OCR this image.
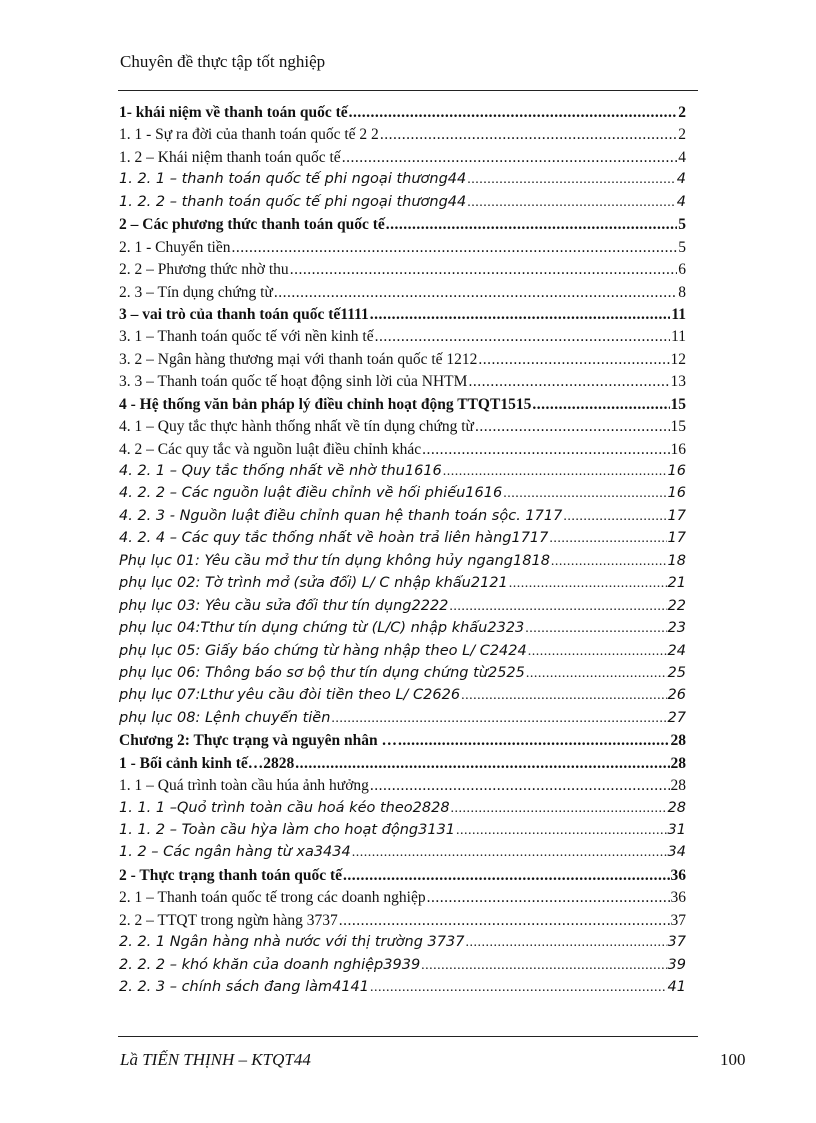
Chuyên đề thực tập tốt nghiệp
1- khái niệm về thanh toán quốc tế .....	2
1. 1 - Sự ra đời của thanh toán quốc tế 2 2 .....	2
1. 2 – Khái niệm thanh toán quốc tế .....	4
1. 2. 1 – thanh toán quốc tế phi ngoại thương44 .....	4
1. 2. 2 – thanh toán quốc tế phi ngoại thương44 .....	4
2 – Các phương thức thanh toán quốc tế .....	5
2. 1 - Chuyển tiền .....	5
2. 2 – Phương thức nhờ thu .....	6
2. 3 – Tín dụng chứng từ .....	8
3 – vai trò của thanh toán quốc tế1111 .....	11
3. 1 – Thanh toán quốc tế với nền kinh tế .....	11
3. 2 – Ngân hàng thương mại với thanh toán quốc tế 1212 .....	12
3. 3 – Thanh toán quốc tế hoạt động sinh lời của NHTM .....	13
4 - Hệ thống văn bản pháp lý điều chỉnh hoạt động TTQT1515 .....	15
4. 1 – Quy tắc thực hành thống nhất về tín dụng chứng từ .....	15
4. 2 – Các quy tắc và nguồn luật điều chỉnh khác .....	16
4. 2. 1 – Quy tắc thống nhất về nhờ thu1616 .....	16
4. 2. 2 – Các nguồn luật điều chỉnh về hối phiếu1616 .....	16
4. 2. 3 - Nguồn luật điều chỉnh quan hệ thanh toán sộc. 1717 .....	17
4. 2. 4 – Các quy tắc thống nhất về hoàn trả liên hàng1717 .....	17
Phụ lục 01: Yêu cầu mở thư tín dụng không hủy ngang1818 .....	18
phụ lục 02: Tờ trình mở (sửa đổi) L/ C nhập khẩu2121 .....	21
phụ lục 03: Yêu cầu sửa đổi thư tín dụng2222 .....	22
phụ lục 04:Tthư tín dụng chứng từ (L/C) nhập khẩu2323 .....	23
phụ lục 05: Giấy báo chứng từ hàng nhập theo L/ C2424 .....	24
phụ lục 06: Thông báo sơ bộ thư tín dụng chứng từ2525 .....	25
phụ lục 07:Lthư yêu cầu đòi tiền theo L/ C2626 .....	26
phụ lục 08: Lệnh chuyển tiền .....	27
Chương 2: Thực trạng và nguyên nhân … .....	28
1 - Bối cảnh kinh tế…2828 .....	28
1. 1 – Quá trình toàn cầu húa ảnh hưởng .....	28
1. 1. 1 –Quỏ trình toàn cầu hoá kéo theo2828 .....	28
1. 1. 2 – Toàn cầu hỳa làm cho hoạt động3131 .....	31
1. 2 – Các ngân hàng từ xa3434 .....	34
2 - Thực trạng thanh toán quốc tế .....	36
2. 1 – Thanh toán quốc tế trong các doanh nghiệp .....	36
2. 2 – TTQT trong ngừn hàng 3737 .....	37
2. 2. 1 Ngân hàng nhà nước với thị trường 3737 .....	37
2. 2. 2 – khó khăn của doanh nghiệp3939 .....	39
2. 2. 3 – chính sách đang làm4141 .....	41
Lầ TIẾN THỊNH – KTQT44	100
